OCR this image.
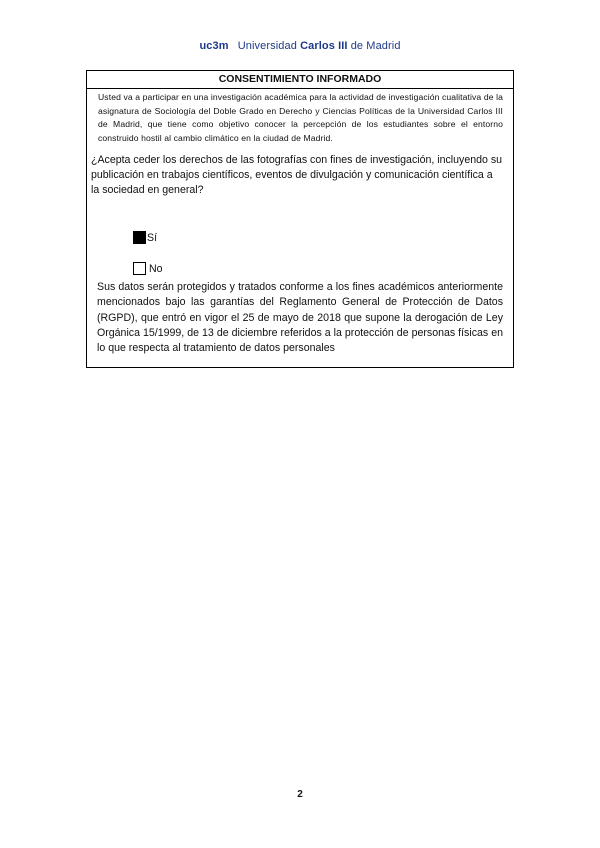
uc3m Universidad Carlos III de Madrid
CONSENTIMIENTO INFORMADO
Usted va a participar en una investigación académica para la actividad de investigación cualitativa de la asignatura de Sociología del Doble Grado en Derecho y Ciencias Políticas de la Universidad Carlos III de Madrid, que tiene como objetivo conocer la percepción de los estudiantes sobre el entorno construido hostil al cambio climático en la ciudad de Madrid.
¿Acepta ceder los derechos de las fotografías con fines de investigación, incluyendo su publicación en trabajos científicos, eventos de divulgación y comunicación científica a la sociedad en general?
Sí
No
Sus datos serán protegidos y tratados conforme a los fines académicos anteriormente mencionados bajo las garantías del Reglamento General de Protección de Datos (RGPD), que entró en vigor el 25 de mayo de 2018 que supone la derogación de Ley Orgánica 15/1999, de 13 de diciembre referidos a la protección de personas físicas en lo que respecta al tratamiento de datos personales
2
